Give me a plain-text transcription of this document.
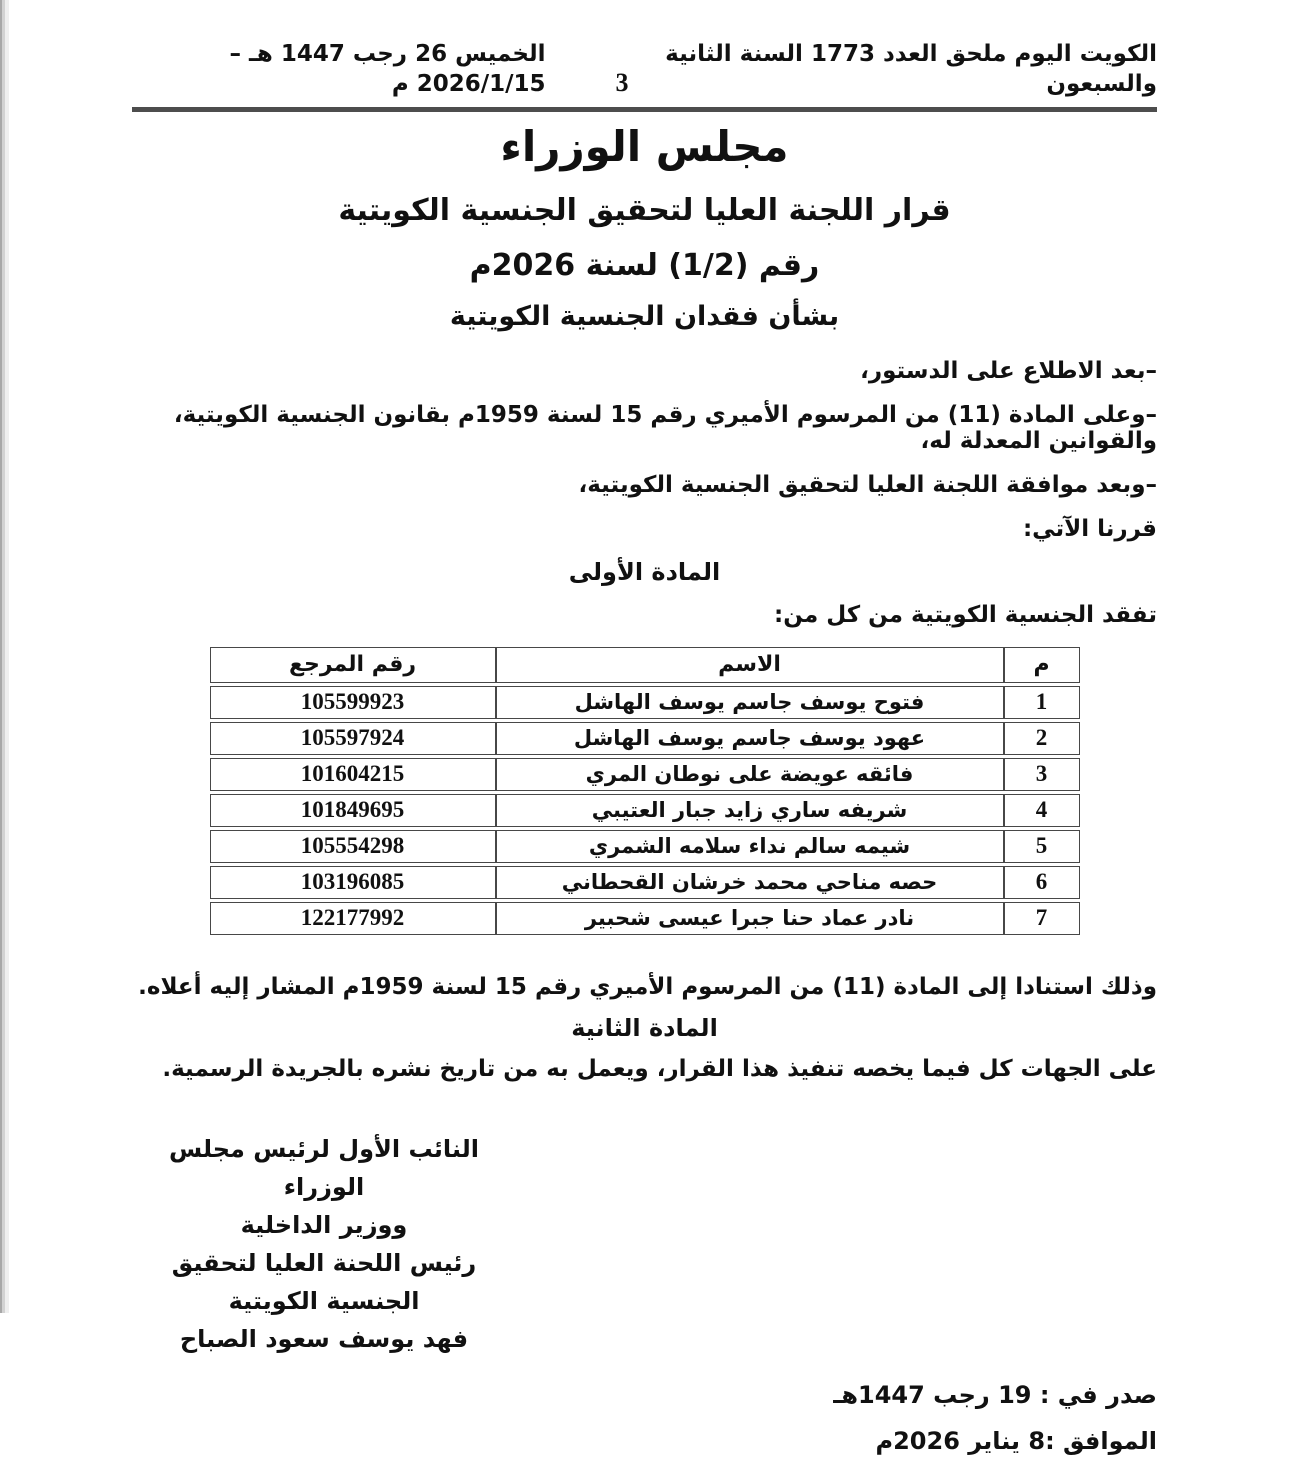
الكويت اليوم ملحق العدد 1773 السنة الثانية والسبعون
3
الخميس 26 رجب 1447 هـ – 2026/1/15 م
مجلس الوزراء
قرار اللجنة العليا لتحقيق الجنسية الكويتية
رقم (1/2) لسنة 2026م
بشأن فقدان الجنسية الكويتية

–بعد الاطلاع على الدستور،

–وعلى المادة (11) من المرسوم الأميري رقم 15 لسنة 1959م بقانون الجنسية الكويتية، والقوانين المعدلة له،

–وبعد موافقة اللجنة العليا لتحقيق الجنسية الكويتية،

قررنا الآتي:

المادة الأولى

تفقد الجنسية الكويتية من كل من:

م	الاسم	رقم المرجع
1	فتوح يوسف جاسم يوسف الهاشل	105599923
2	عهود يوسف جاسم يوسف الهاشل	105597924
3	فائقه عويضة على نوطان المري	101604215
4	شريفه ساري زايد جبار العتيبي	101849695
5	شيمه سالم نداء سلامه الشمري	105554298
6	حصه مناحي محمد خرشان القحطاني	103196085
7	نادر عماد حنا جبرا عيسى شحبير	122177992

وذلك استنادا إلى المادة (11) من المرسوم الأميري رقم 15 لسنة 1959م المشار إليه أعلاه.

المادة الثانية

على الجهات كل فيما يخصه تنفيذ هذا القرار، ويعمل به من تاريخ نشره بالجريدة الرسمية.

النائب الأول لرئيس مجلس الوزراء
ووزير الداخلية
رئيس اللحنة العليا لتحقيق الجنسية الكويتية
فهد يوسف سعود الصباح
صدر في : 19 رجب 1447هـ
الموافق :8 يناير 2026م
